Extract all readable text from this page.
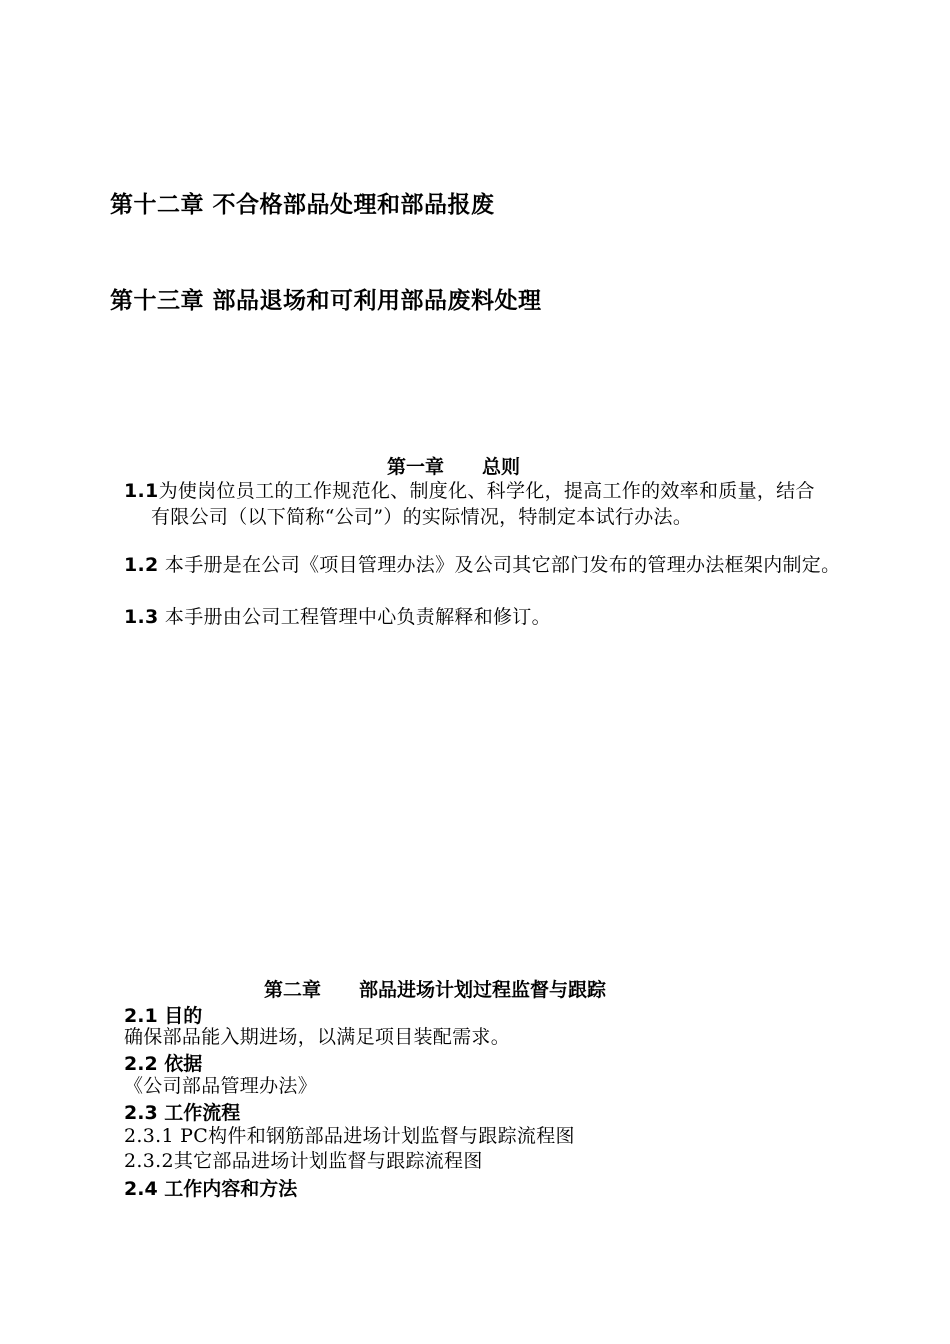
第十二章 不合格部品处理和部品报废
第十三章 部品退场和可利用部品废料处理
第一章 总则
1.1为使岗位员工的工作规范化、制度化、科学化，提高工作的效率和质量，结合有限公司（以下简称“公司”）的实际情况，特制定本试行办法。
1.2 本手册是在公司《项目管理办法》及公司其它部门发布的管理办法框架内制定。
1.3 本手册由公司工程管理中心负责解释和修订。
第二章 部品进场计划过程监督与跟踪
2.1 目的
确保部品能入期进场，以满足项目装配需求。
2.2 依据
《公司部品管理办法》
2.3 工作流程
2.3.1 PC构件和钢筋部品进场计划监督与跟踪流程图
2.3.2其它部品进场计划监督与跟踪流程图
2.4 工作内容和方法
